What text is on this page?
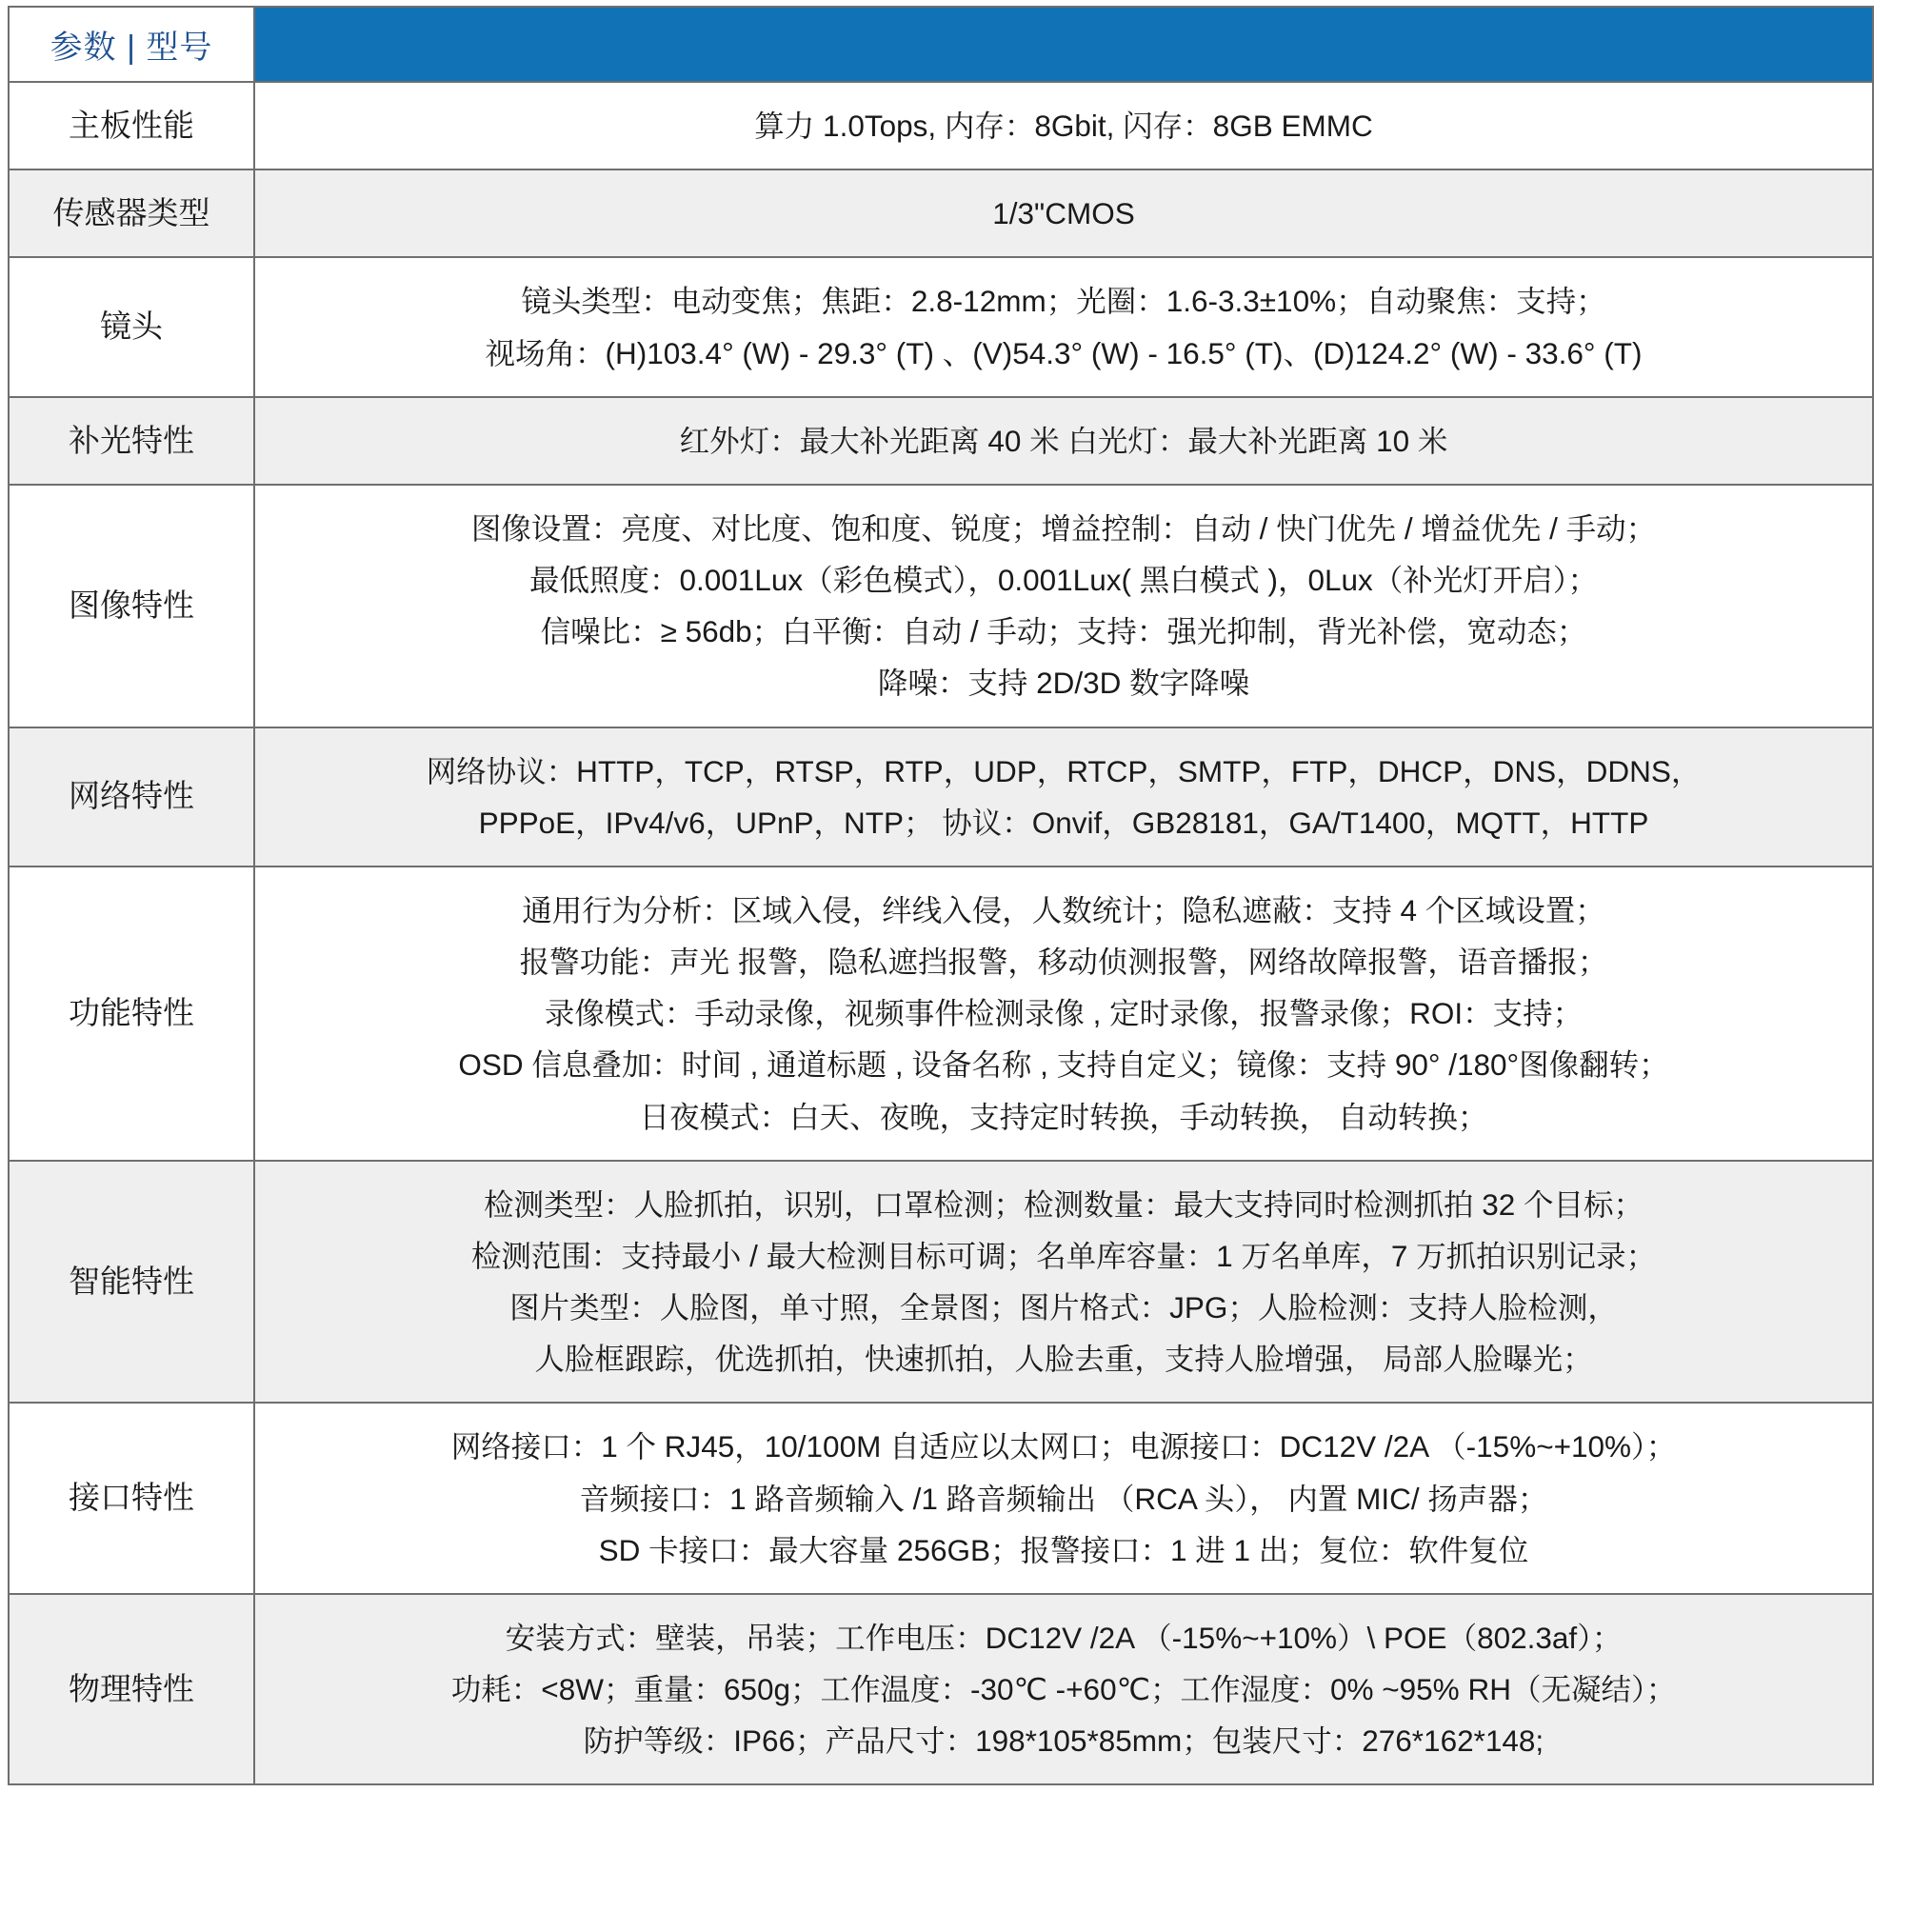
参数 | 型号	
主板性能	算力 1.0Tops, 内存：8Gbit, 闪存：8GB EMMC

传感器类型	1/3"CMOS

镜头	镜头类型：电动变焦；焦距：2.8-12mm；光圈：1.6-3.3±10%；自动聚焦：支持；
视场角：(H)103.4° (W) - 29.3° (T) 、(V)54.3° (W) - 16.5° (T)、(D)124.2° (W) - 33.6° (T)

补光特性	红外灯：最大补光距离 40 米 白光灯：最大补光距离 10 米

图像特性	图像设置：亮度、对比度、饱和度、锐度；增益控制：自动 / 快门优先 / 增益优先 / 手动；
最低照度：0.001Lux（彩色模式），0.001Lux( 黑白模式 )，0Lux（补光灯开启）；
信噪比：≥ 56db；白平衡：自动 / 手动；支持：强光抑制，背光补偿，宽动态；
降噪：支持 2D/3D 数字降噪

网络特性	网络协议：HTTP，TCP，RTSP，RTP，UDP，RTCP，SMTP，FTP，DHCP，DNS，DDNS，
PPPoE，IPv4/v6，UPnP，NTP； 协议：Onvif，GB28181，GA/T1400，MQTT，HTTP

功能特性	通用行为分析：区域入侵，绊线入侵，人数统计；隐私遮蔽：支持 4 个区域设置；
报警功能：声光 报警，隐私遮挡报警，移动侦测报警，网络故障报警，语音播报；
录像模式：手动录像，视频事件检测录像 , 定时录像，报警录像；ROI：支持；
OSD 信息叠加：时间 , 通道标题 , 设备名称 , 支持自定义；镜像：支持 90° /180°图像翻转；
日夜模式：白天、夜晚，支持定时转换，手动转换， 自动转换；

智能特性	检测类型：人脸抓拍，识别，口罩检测；检测数量：最大支持同时检测抓拍 32 个目标；
检测范围：支持最小 / 最大检测目标可调；名单库容量：1 万名单库，7 万抓拍识别记录；
图片类型：人脸图，单寸照，全景图；图片格式：JPG；人脸检测：支持人脸检测，
人脸框跟踪，优选抓拍，快速抓拍，人脸去重，支持人脸增强， 局部人脸曝光；

接口特性	网络接口：1 个 RJ45，10/100M 自适应以太网口；电源接口：DC12V /2A （-15%~+10%）；
音频接口：1 路音频输入 /1 路音频输出 （RCA 头）， 内置 MIC/ 扬声器；
SD 卡接口：最大容量 256GB；报警接口：1 进 1 出；复位：软件复位

物理特性	安装方式：壁装，吊装；工作电压：DC12V /2A （-15%~+10%）\ POE（802.3af）；
功耗：<8W；重量：650g；工作温度：-30℃ -+60℃；工作湿度：0% ~95% RH（无凝结）；
防护等级：IP66；产品尺寸：198*105*85mm；包装尺寸：276*162*148;
